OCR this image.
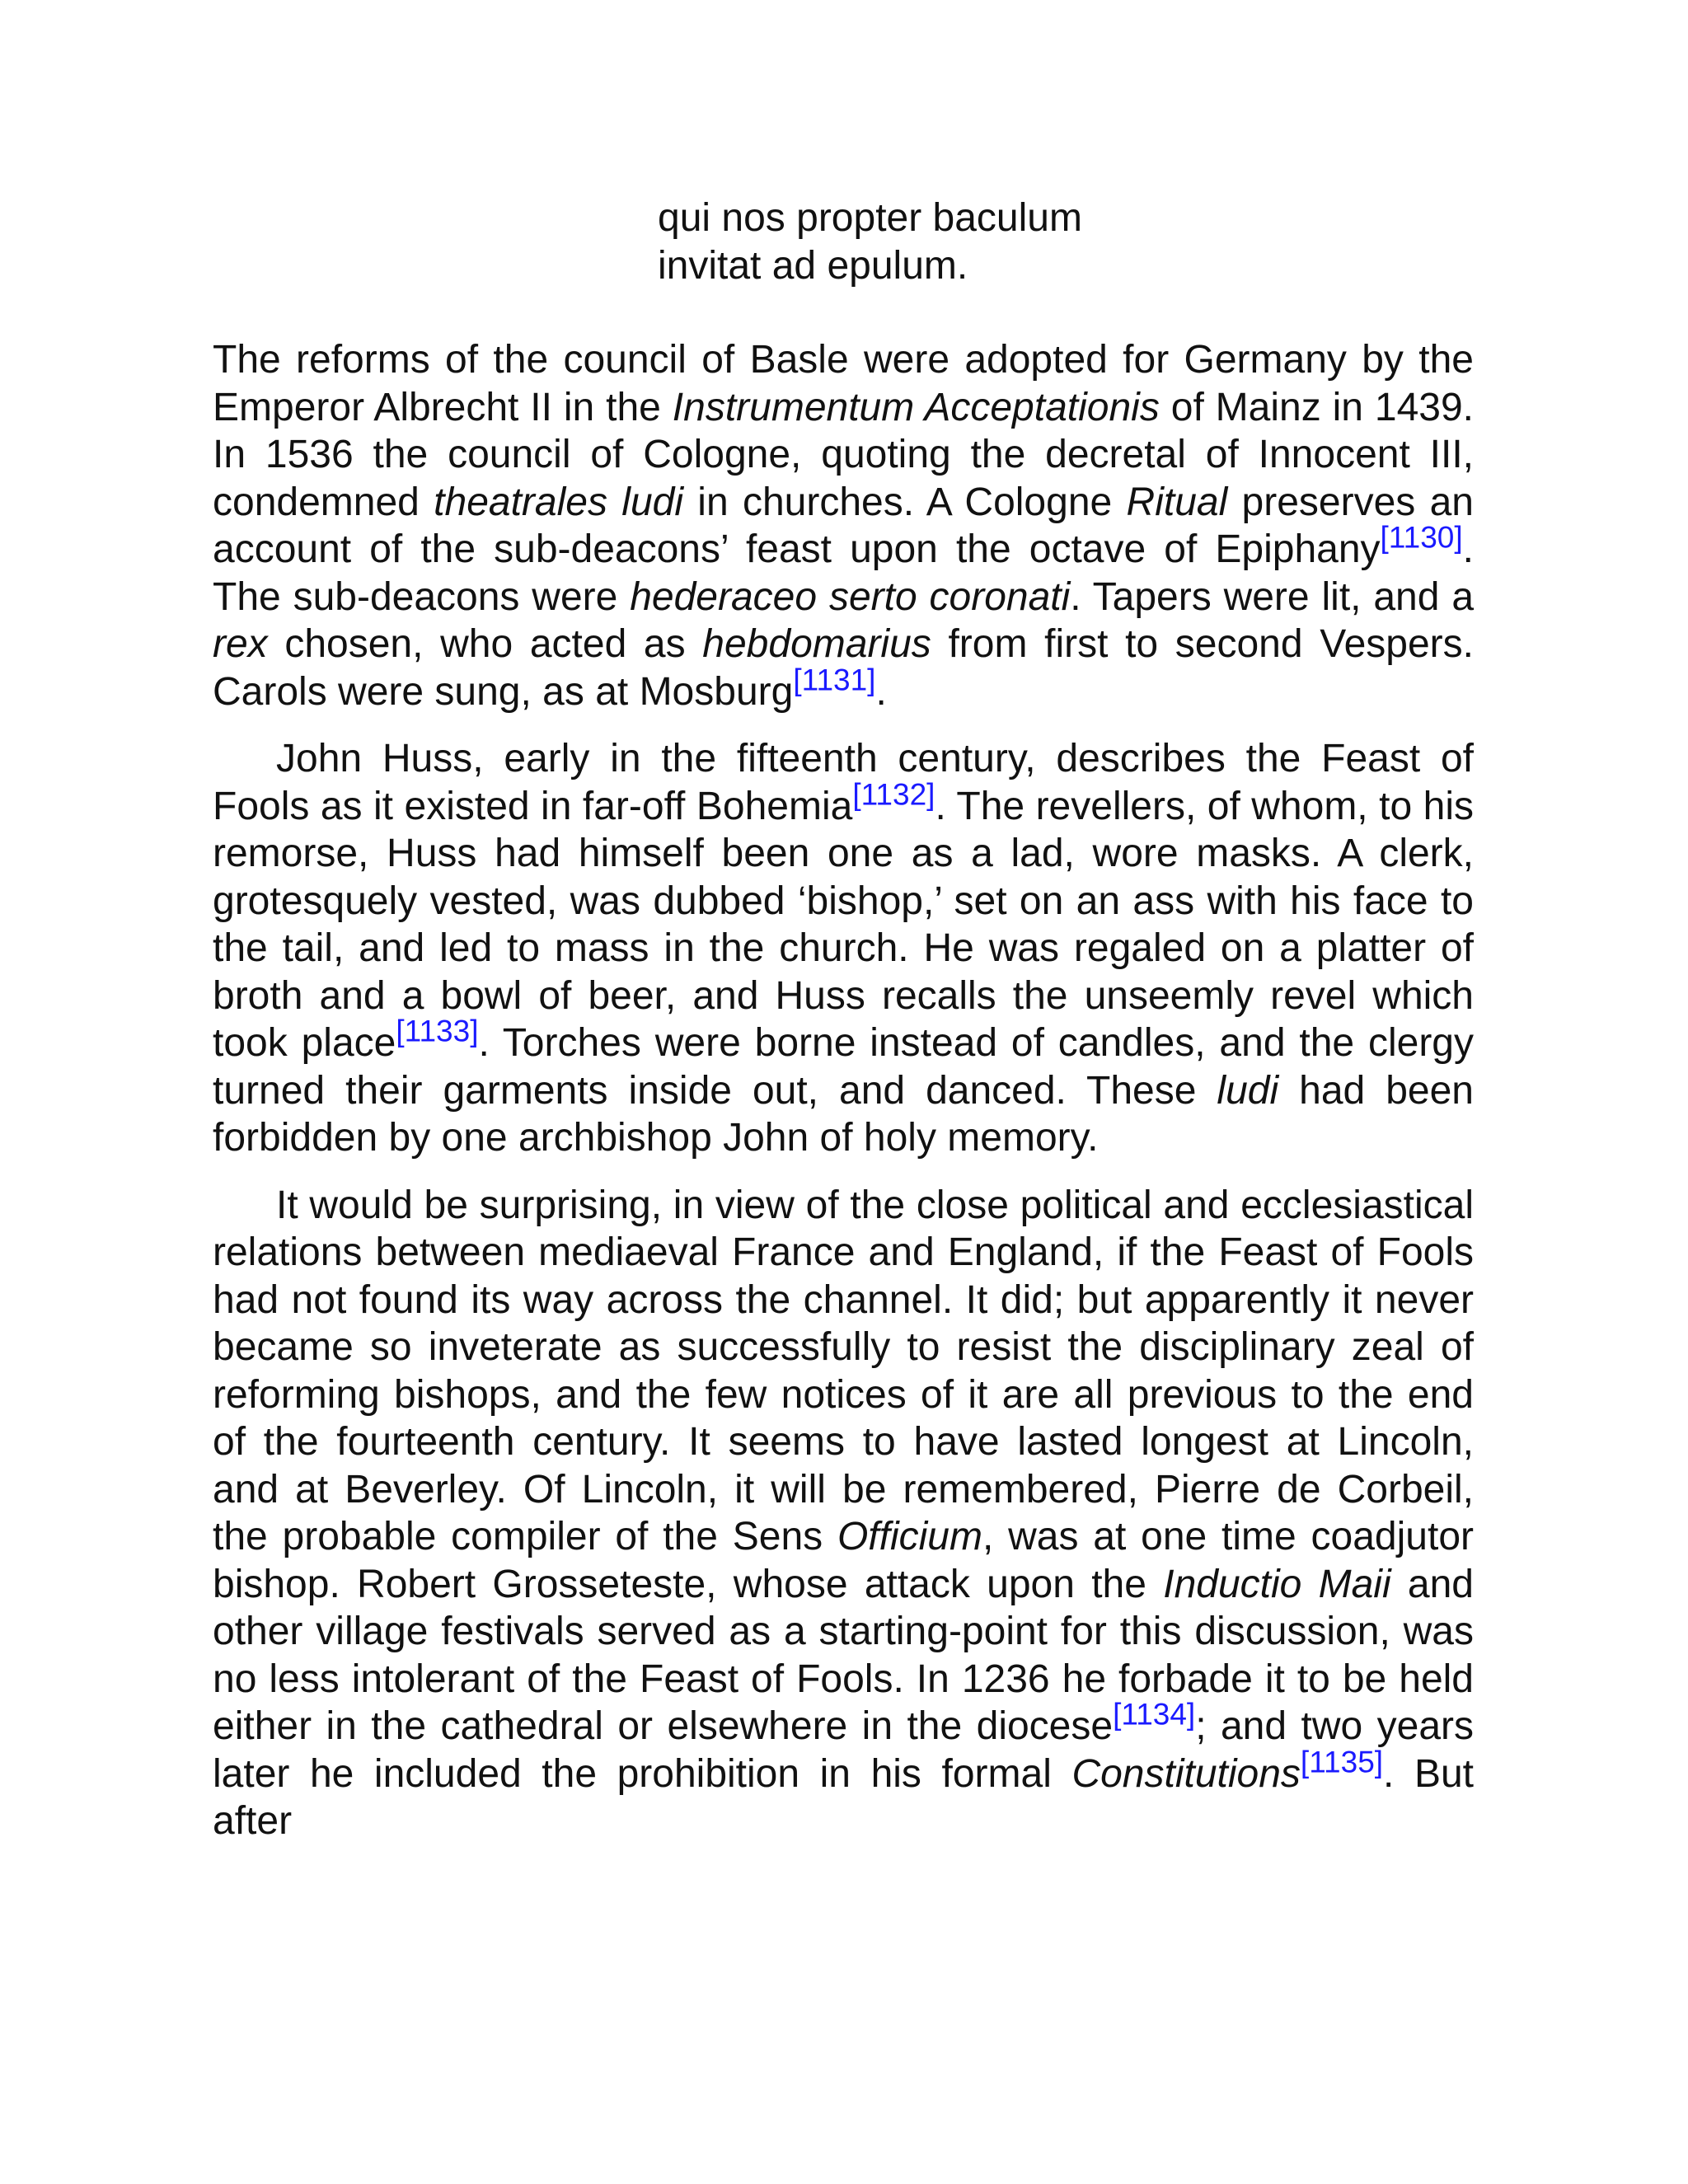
qui nos propter baculum
invitat ad epulum.

The reforms of the council of Basle were adopted for Germany by the Emperor Albrecht II in the Instrumentum Acceptationis of Mainz in 1439. In 1536 the council of Cologne, quoting the decretal of Innocent III, condemned theatrales ludi in churches. A Cologne Ritual preserves an account of the sub-deacons’ feast upon the octave of Epiphany[1130]. The sub-deacons were hederaceo serto coronati. Tapers were lit, and a rex chosen, who acted as hebdomarius from first to second Vespers. Carols were sung, as at Mosburg[1131].

John Huss, early in the fifteenth century, describes the Feast of Fools as it existed in far-off Bohemia[1132]. The revellers, of whom, to his remorse, Huss had himself been one as a lad, wore masks. A clerk, grotesquely vested, was dubbed ‘bishop,’ set on an ass with his face to the tail, and led to mass in the church. He was regaled on a platter of broth and a bowl of beer, and Huss recalls the unseemly revel which took place[1133]. Torches were borne instead of candles, and the clergy turned their garments inside out, and danced. These ludi had been forbidden by one archbishop John of holy memory.

It would be surprising, in view of the close political and ecclesiastical relations between mediaeval France and England, if the Feast of Fools had not found its way across the channel. It did; but apparently it never became so inveterate as successfully to resist the disciplinary zeal of reforming bishops, and the few notices of it are all previous to the end of the fourteenth century. It seems to have lasted longest at Lincoln, and at Beverley. Of Lincoln, it will be remembered, Pierre de Corbeil, the probable compiler of the Sens Officium, was at one time coadjutor bishop. Robert Grosseteste, whose attack upon the Inductio Maii and other village festivals served as a starting-point for this discussion, was no less intolerant of the Feast of Fools. In 1236 he forbade it to be held either in the cathedral or elsewhere in the diocese[1134]; and two years later he included the prohibition in his formal Constitutions[1135]. But after
